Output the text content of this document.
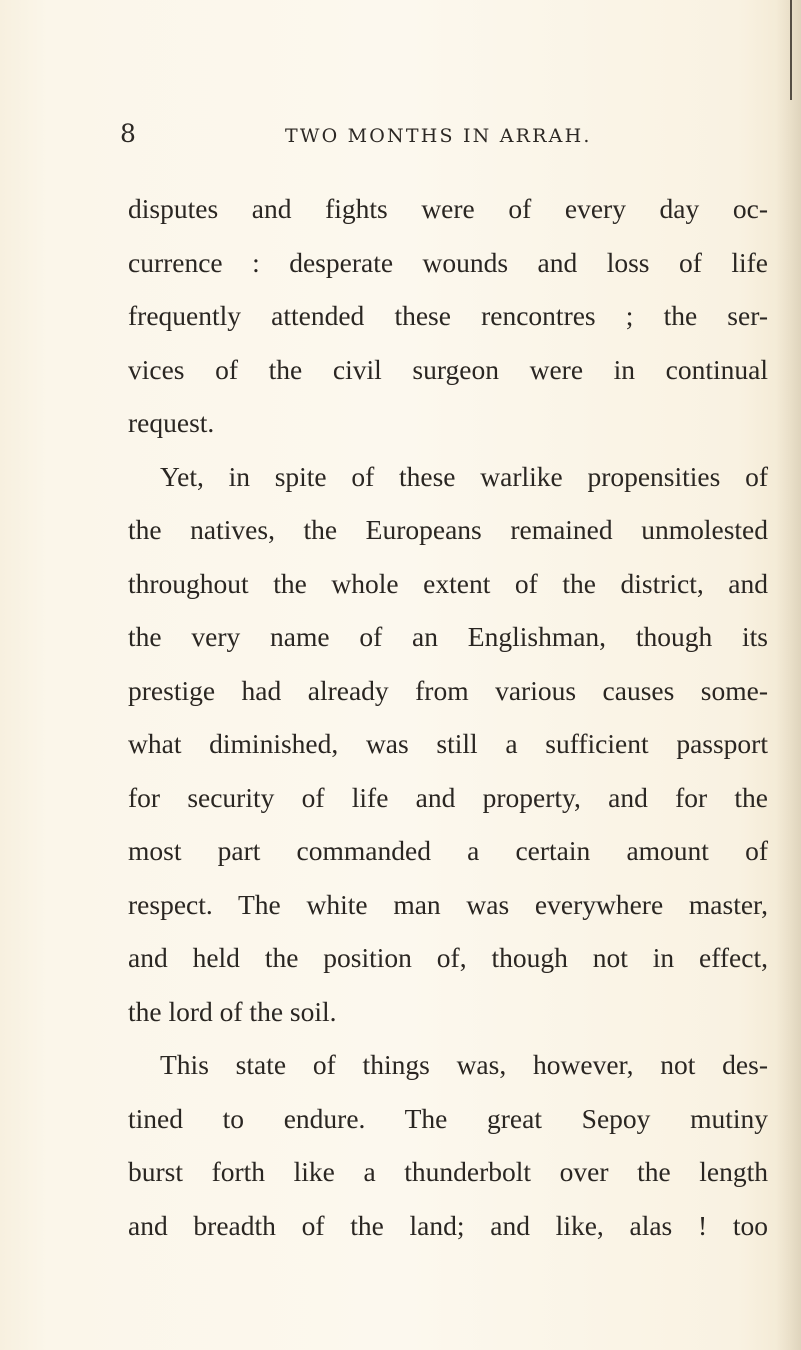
8	TWO MONTHS IN ARRAH.
disputes and fights were of every day oc-
currence : desperate wounds and loss of life
frequently attended these rencontres ; the ser-
vices of the civil surgeon were in continual
request.
Yet, in spite of these warlike propensities of
the natives, the Europeans remained unmolested
throughout the whole extent of the district, and
the very name of an Englishman, though its
prestige had already from various causes some-
what diminished, was still a sufficient passport
for security of life and property, and for the
most part commanded a certain amount of
respect. The white man was everywhere master,
and held the position of, though not in effect,
the lord of the soil.
This state of things was, however, not des-
tined to endure. The great Sepoy mutiny
burst forth like a thunderbolt over the length
and breadth of the land; and like, alas ! too
